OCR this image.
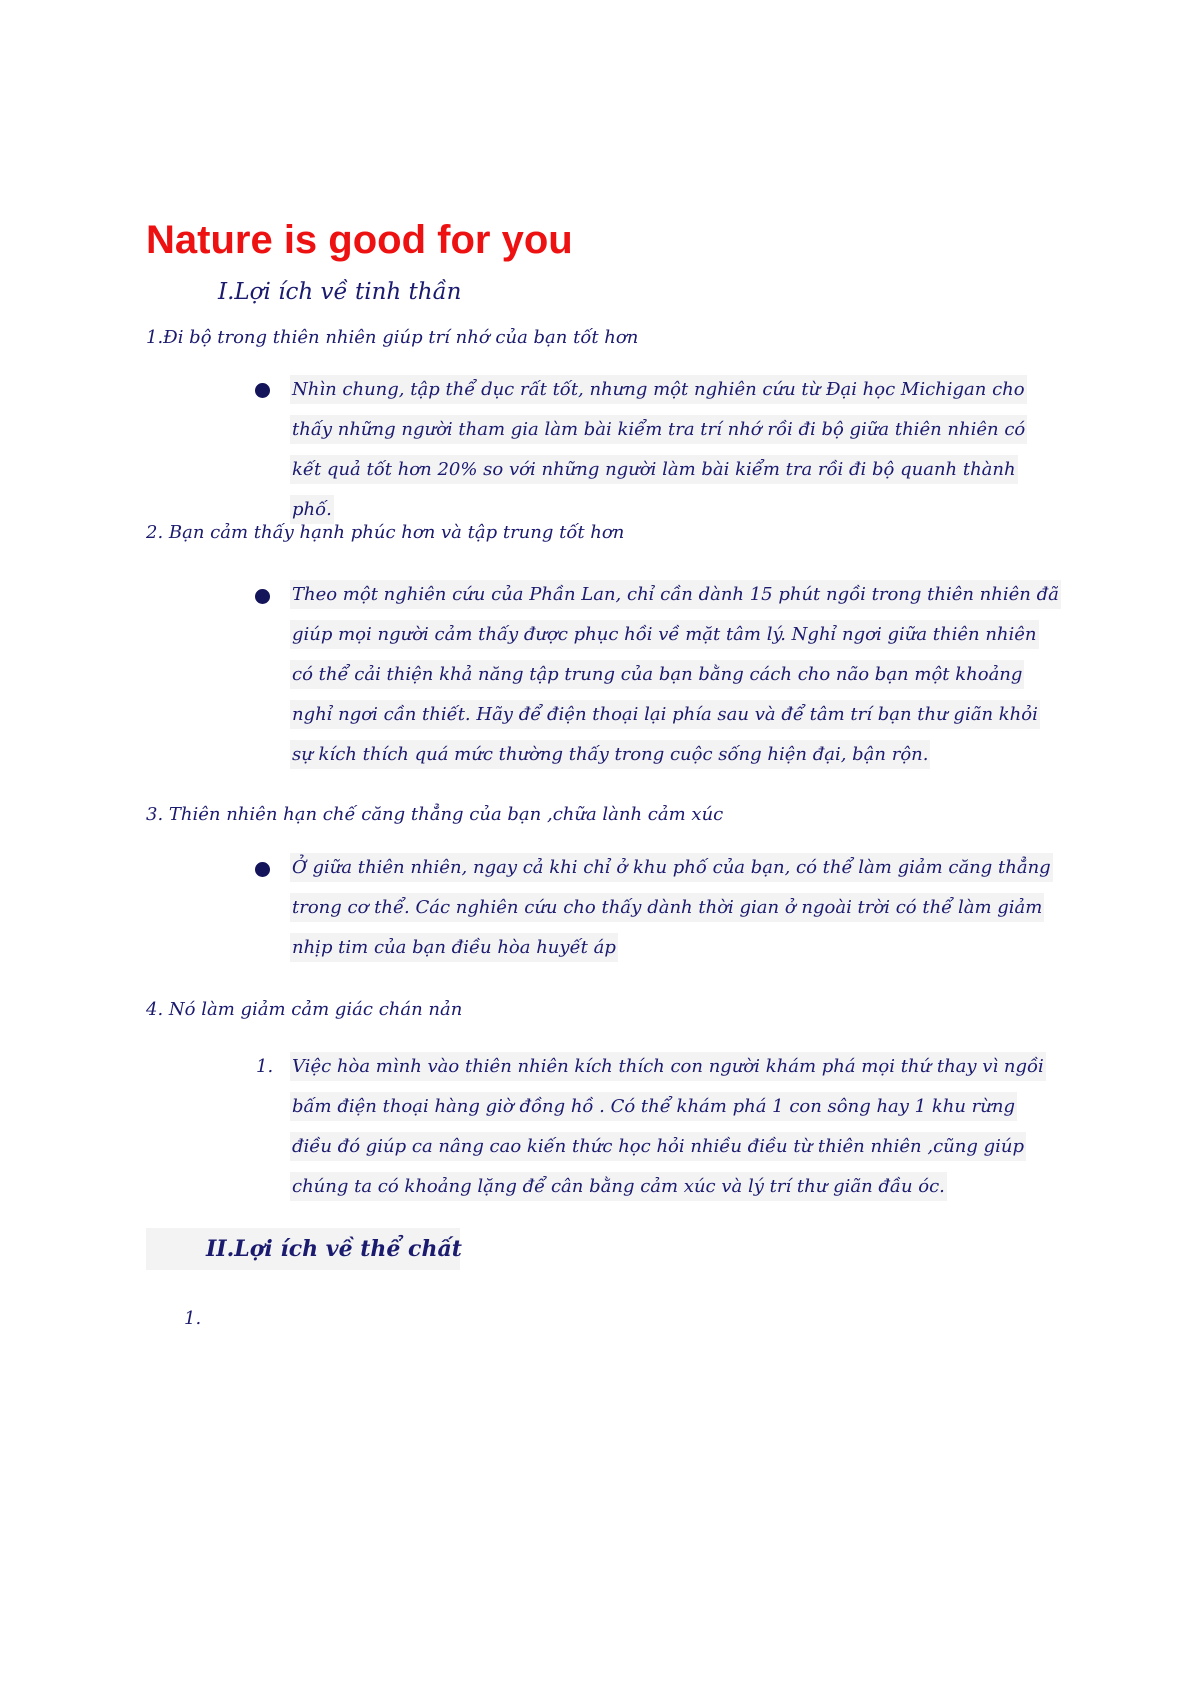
Nature is good for you
I.Lợi ích về tinh thần
1.Đi bộ trong thiên nhiên giúp trí nhớ của bạn tốt hơn
Nhìn chung, tập thể dục rất tốt, nhưng một nghiên cứu từ Đại học Michigan cho thấy những người tham gia làm bài kiểm tra trí nhớ rồi đi bộ giữa thiên nhiên có kết quả tốt hơn 20% so với những người làm bài kiểm tra rồi đi bộ quanh thành phố.
2. Bạn cảm thấy hạnh phúc hơn và tập trung tốt hơn
Theo một nghiên cứu của Phần Lan, chỉ cần dành 15 phút ngồi trong thiên nhiên đã giúp mọi người cảm thấy được phục hồi về mặt tâm lý. Nghỉ ngơi giữa thiên nhiên có thể cải thiện khả năng tập trung của bạn bằng cách cho não bạn một khoảng nghỉ ngơi cần thiết. Hãy để điện thoại lại phía sau và để tâm trí bạn thư giãn khỏi sự kích thích quá mức thường thấy trong cuộc sống hiện đại, bận rộn.
3. Thiên nhiên hạn chế căng thẳng của bạn ,chữa lành cảm xúc
Ở giữa thiên nhiên, ngay cả khi chỉ ở khu phố của bạn, có thể làm giảm căng thẳng trong cơ thể. Các nghiên cứu cho thấy dành thời gian ở ngoài trời có thể làm giảm nhịp tim của bạn điều hòa huyết áp
4. Nó làm giảm cảm giác chán nản
1. Việc hòa mình vào thiên nhiên kích thích con người khám phá mọi thứ thay vì ngồi bấm điện thoại hàng giờ đồng hồ . Có thể khám phá 1 con sông hay 1 khu rừng điều đó giúp ca nâng cao kiến thức học hỏi nhiều điều từ thiên nhiên ,cũng giúp chúng ta có khoảng lặng để cân bằng cảm xúc và lý trí thư giãn đầu óc.
II.Lợi ích về thể chất
1.
